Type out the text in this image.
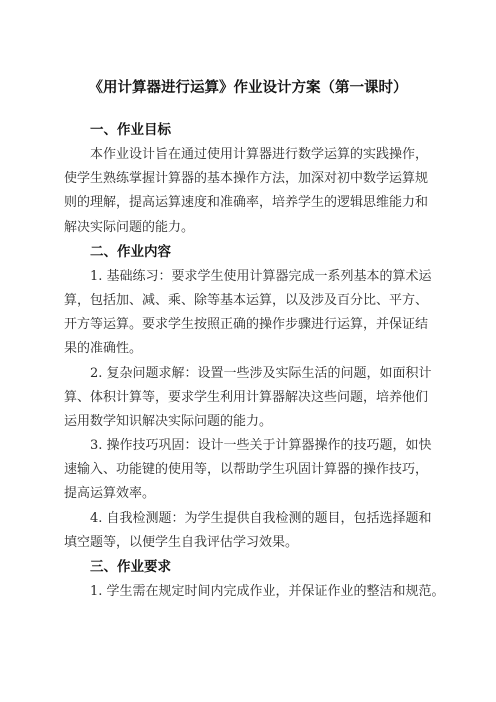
《用计算器进行运算》作业设计方案（第一课时）
一、作业目标
本作业设计旨在通过使用计算器进行数学运算的实践操作，
使学生熟练掌握计算器的基本操作方法，加深对初中数学运算规
则的理解，提高运算速度和准确率，培养学生的逻辑思维能力和
解决实际问题的能力。
二、作业内容
1. 基础练习：要求学生使用计算器完成一系列基本的算术运
算，包括加、减、乘、除等基本运算，以及涉及百分比、平方、
开方等运算。要求学生按照正确的操作步骤进行运算，并保证结
果的准确性。
2. 复杂问题求解：设置一些涉及实际生活的问题，如面积计
算、体积计算等，要求学生利用计算器解决这些问题，培养他们
运用数学知识解决实际问题的能力。
3. 操作技巧巩固：设计一些关于计算器操作的技巧题，如快
速输入、功能键的使用等，以帮助学生巩固计算器的操作技巧，
提高运算效率。
4. 自我检测题：为学生提供自我检测的题目，包括选择题和
填空题等，以便学生自我评估学习效果。
三、作业要求
1. 学生需在规定时间内完成作业，并保证作业的整洁和规范。
